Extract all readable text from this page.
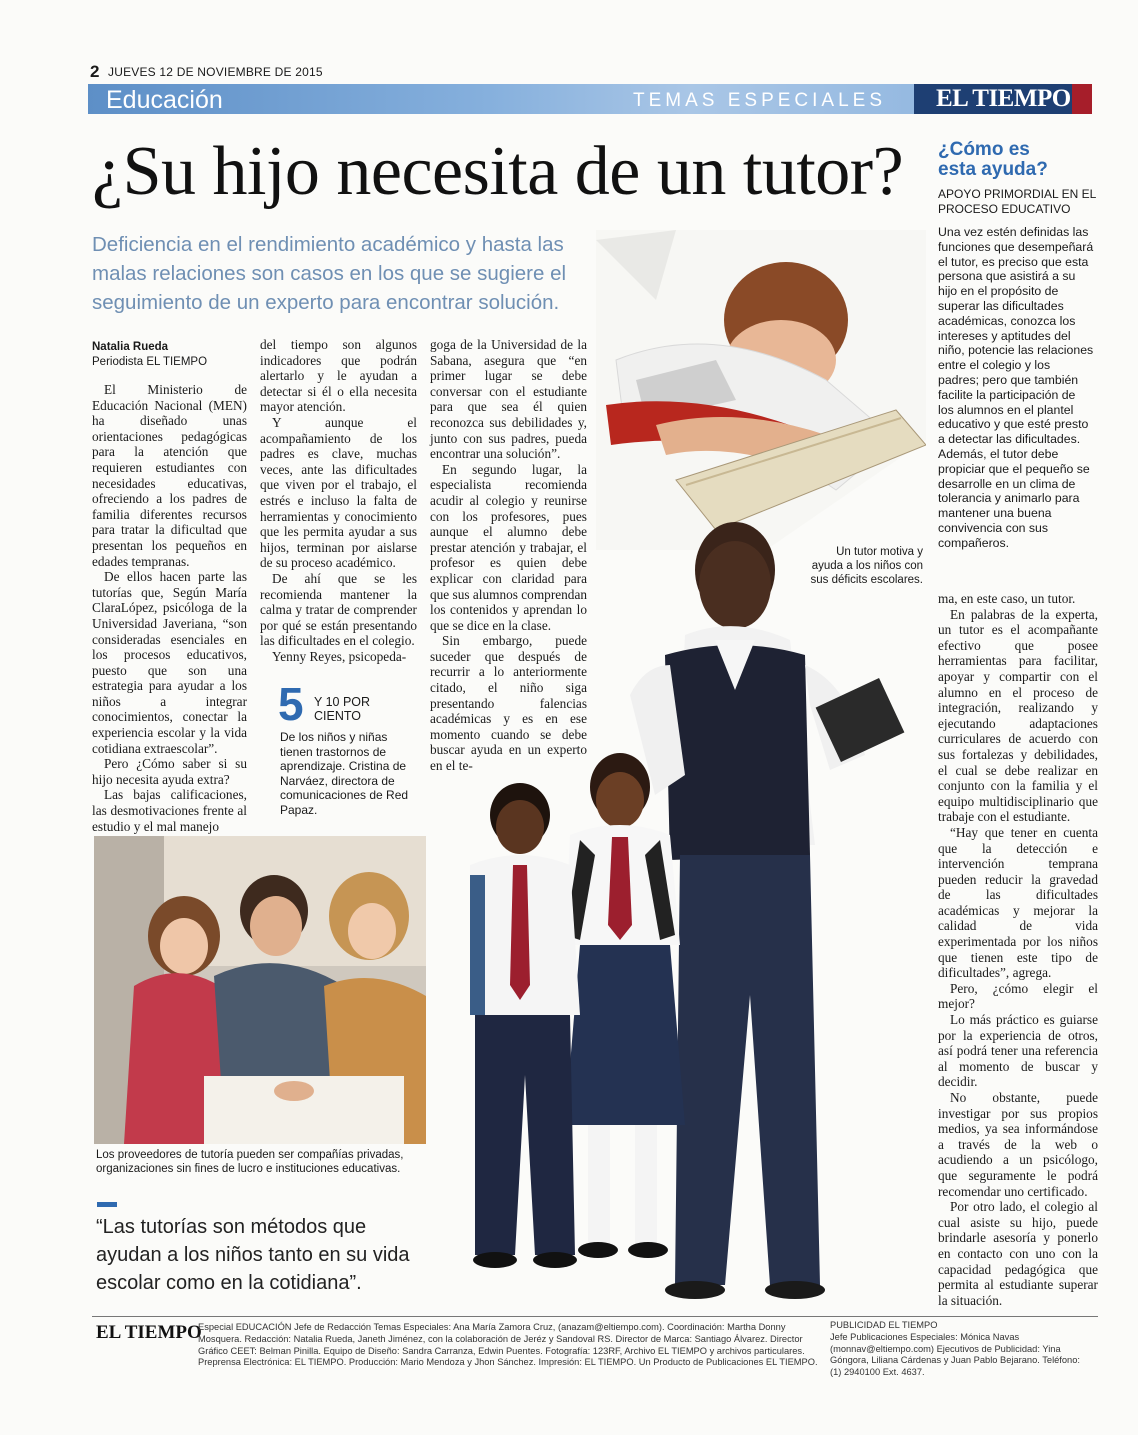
2 JUEVES 12 DE NOVIEMBRE DE 2015
Educación	TEMAS ESPECIALES EL TIEMPO
¿Su hijo necesita de un tutor?
Deficiencia en el rendimiento académico y hasta las malas relaciones son casos en los que se sugiere el seguimiento de un experto para encontrar solución.
Natalia Rueda
Periodista EL TIEMPO

El Ministerio de Educación Nacional (MEN) ha diseñado unas orientaciones pedagógicas para la atención que requieren estudiantes con necesidades educativas, ofreciendo a los padres de familia diferentes recursos para tratar la dificultad que presentan los pequeños en edades tempranas.

De ellos hacen parte las tutorías que, Según María ClaraLópez, psicóloga de la Universidad Javeriana, “son consideradas esenciales en los procesos educativos, puesto que son una estrategia para ayudar a los niños a integrar conocimientos, conectar la experiencia escolar y la vida cotidiana extraescolar”.

Pero ¿Cómo saber si su hijo necesita ayuda extra?

Las bajas calificaciones, las desmotivaciones frente al estudio y el mal manejo

del tiempo son algunos indicadores que podrán alertarlo y le ayudan a detectar si él o ella necesita mayor atención.

Y aunque el acompañamiento de los padres es clave, muchas veces, ante las dificultades que viven por el trabajo, el estrés e incluso la falta de herramientas y conocimiento que les permita ayudar a sus hijos, terminan por aislarse de su proceso académico.

De ahí que se les recomienda mantener la calma y tratar de comprender por qué se están presentando las dificultades en el colegio.

Yenny Reyes, psicopeda-

goga de la Universidad de la Sabana, asegura que “en primer lugar se debe conversar con el estudiante para que sea él quien reconozca sus debilidades y, junto con sus padres, pueda encontrar una solución”.

En segundo lugar, la especialista recomienda acudir al colegio y reunirse con los profesores, pues aunque el alumno debe prestar atención y trabajar, el profesor es quien debe explicar con claridad para que sus alumnos comprendan los contenidos y aprendan lo que se dice en la clase.

Sin embargo, puede suceder que después de recurrir a lo anteriormente citado, el niño siga presentando falencias académicas y es en ese momento cuando se debe buscar ayuda en un experto en el te-

5 Y 10 POR
CIENTO
De los niños y niñas tienen trastornos de aprendizaje. Cristina de Narváez, directora de comunicaciones de Red Papaz.
Un tutor motiva y ayuda a los niños con sus déficits escolares.
Los proveedores de tutoría pueden ser compañías privadas, organizaciones sin fines de lucro e instituciones educativas.
“Las tutorías son métodos que ayudan a los niños tanto en su vida escolar como en la cotidiana”.
¿Cómo es
esta ayuda?
APOYO PRIMORDIAL EN EL PROCESO EDUCATIVO
Una vez estén definidas las funciones que desempeñará el tutor, es preciso que esta persona que asistirá a su hijo en el propósito de superar las dificultades académicas, conozca los intereses y aptitudes del niño, potencie las relaciones entre el colegio y los padres; pero que también facilite la participación de los alumnos en el plantel educativo y que esté presto a detectar las dificultades. Además, el tutor debe propiciar que el pequeño se desarrolle en un clima de tolerancia y animarlo para mantener una buena convivencia con sus compañeros.

ma, en este caso, un tutor.

En palabras de la experta, un tutor es el acompañante efectivo que posee herramientas para facilitar, apoyar y compartir con el alumno en el proceso de integración, realizando y ejecutando adaptaciones curriculares de acuerdo con sus fortalezas y debilidades, el cual se debe realizar en conjunto con la familia y el equipo multidisciplinario que trabaje con el estudiante.

“Hay que tener en cuenta que la detección e intervención temprana pueden reducir la gravedad de las dificultades académicas y mejorar la calidad de vida experimentada por los niños que tienen este tipo de dificultades”, agrega.

Pero, ¿cómo elegir el mejor?

Lo más práctico es guiarse por la experiencia de otros, así podrá tener una referencia al momento de buscar y decidir.

No obstante, puede investigar por sus propios medios, ya sea informándose a través de la web o acudiendo a un psicólogo, que seguramente le podrá recomendar uno certificado.

Por otro lado, el colegio al cual asiste su hijo, puede brindarle asesoría y ponerlo en contacto con uno con la capacidad pedagógica que permita al estudiante superar la situación.

EL TIEMPO
Especial EDUCACIÓN Jefe de Redacción Temas Especiales: Ana María Zamora Cruz, (anazam@eltiempo.com). Coordinación: Martha Donny Mosquera. Redacción: Natalia Rueda, Janeth Jiménez, con la colaboración de Jeréz y Sandoval RS. Director de Marca: Santiago Álvarez. Director Gráfico CEET: Belman Pinilla. Equipo de Diseño: Sandra Carranza, Edwin Puentes. Fotografía: 123RF, Archivo EL TIEMPO y archivos particulares. Preprensa Electrónica: EL TIEMPO. Producción: Mario Mendoza y Jhon Sánchez. Impresión: EL TIEMPO. Un Producto de Publicaciones EL TIEMPO.
PUBLICIDAD EL TIEMPO
Jefe Publicaciones Especiales: Mónica Navas (monnav@eltiempo.com) Ejecutivos de Publicidad: Yina Góngora, Liliana Cárdenas y Juan Pablo Bejarano. Teléfono: (1) 2940100 Ext. 4637.
